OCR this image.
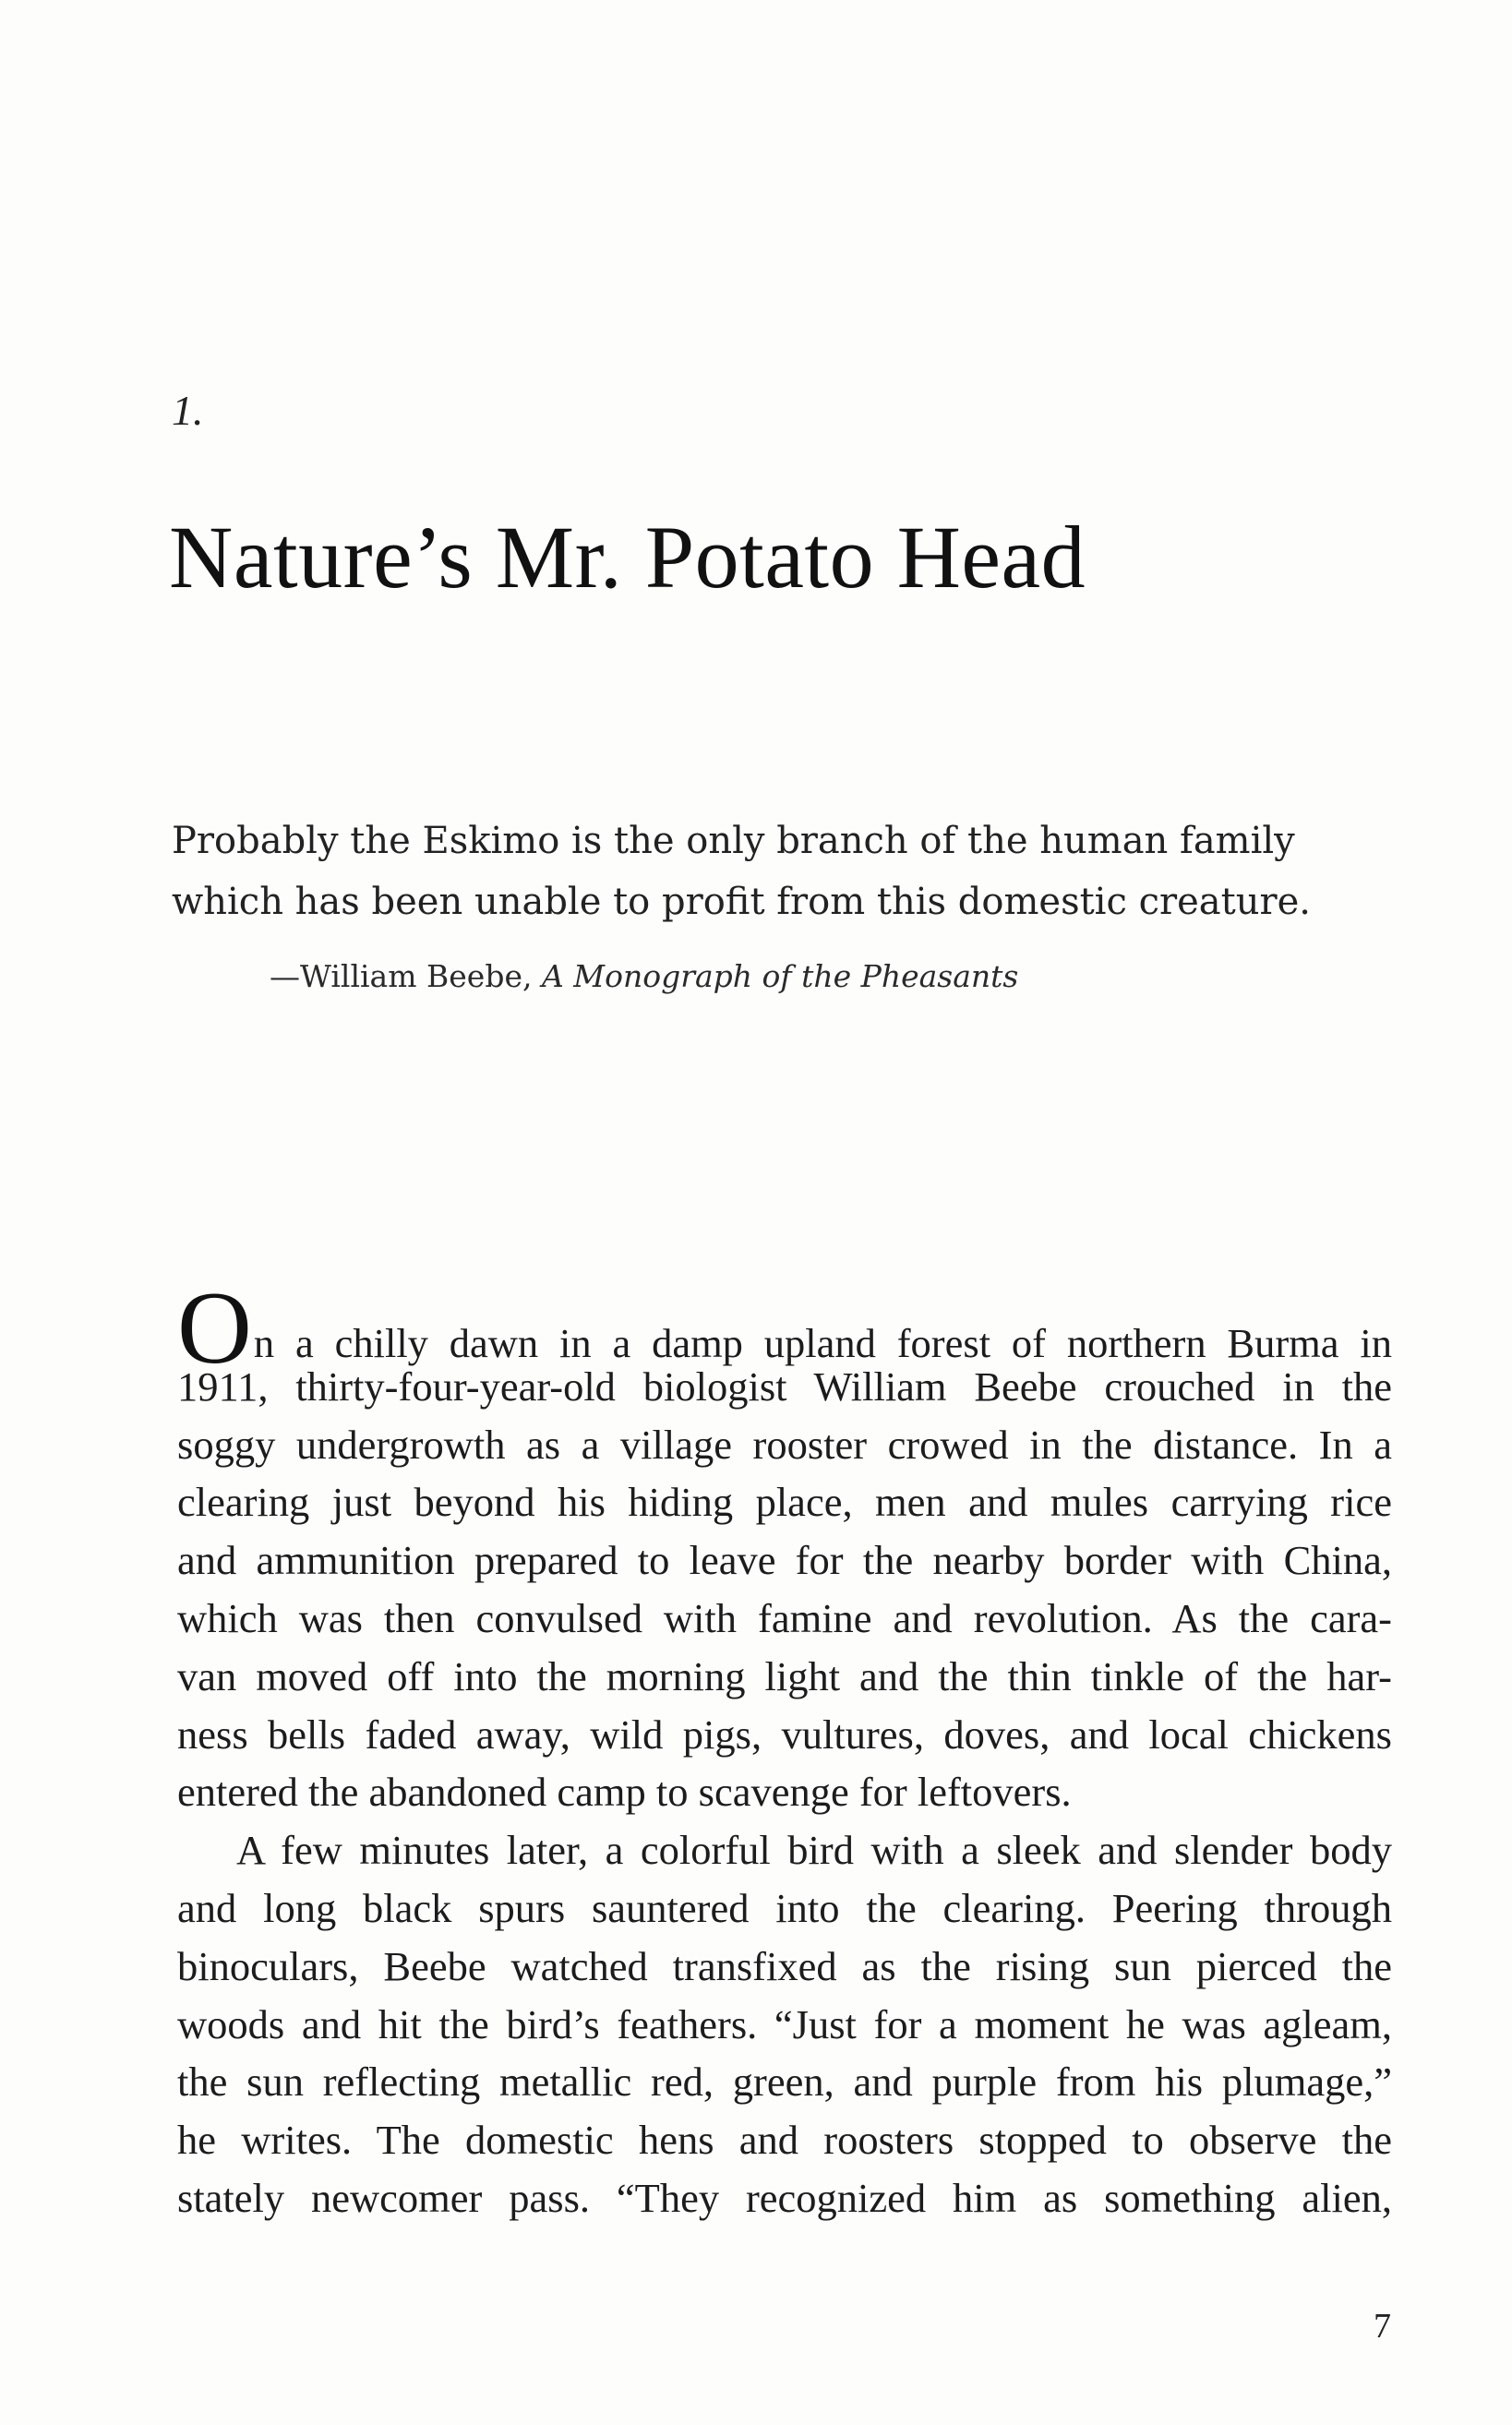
1.
Nature’s Mr. Potato Head
Probably the Eskimo is the only branch of the human family
which has been unable to profit from this domestic creature.
—William Beebe, A Monograph of the Pheasants
On a chilly dawn in a damp upland forest of northern Burma in
1911, thirty-four-year-old biologist William Beebe crouched in the
soggy undergrowth as a village rooster crowed in the distance. In a
clearing just beyond his hiding place, men and mules carrying rice
and ammunition prepared to leave for the nearby border with China,
which was then convulsed with famine and revolution. As the cara-
van moved off into the morning light and the thin tinkle of the har-
ness bells faded away, wild pigs, vultures, doves, and local chickens
entered the abandoned camp to scavenge for leftovers.
A few minutes later, a colorful bird with a sleek and slender body
and long black spurs sauntered into the clearing. Peering through
binoculars, Beebe watched transfixed as the rising sun pierced the
woods and hit the bird’s feathers. “Just for a moment he was agleam,
the sun reflecting metallic red, green, and purple from his plumage,”
he writes. The domestic hens and roosters stopped to observe the
stately newcomer pass. “They recognized him as something alien,
7
